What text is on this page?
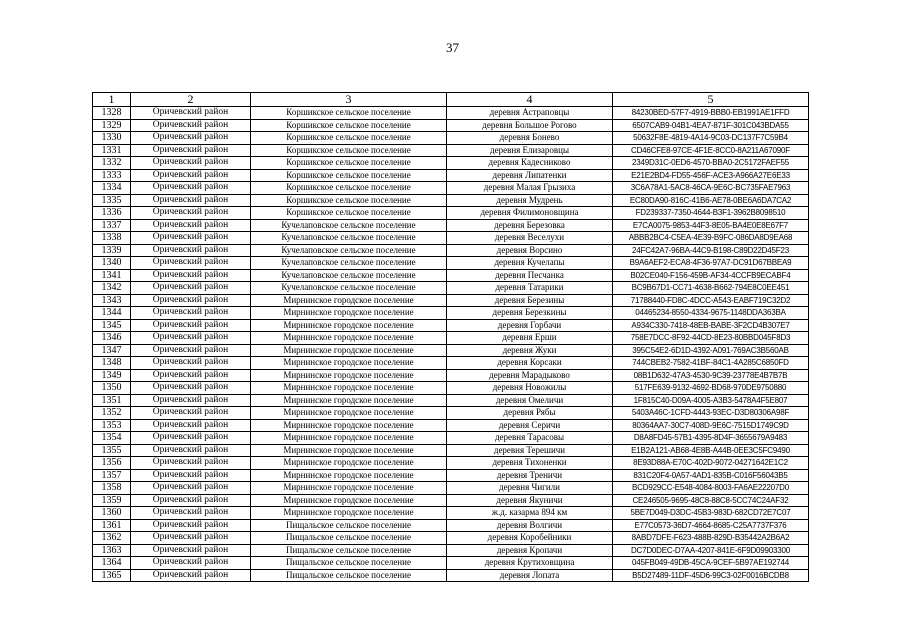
37
1	2	3	4	5
1328	Оричевский район	Коршикское сельское поселение	деревня Астраповцы	84230BED-57F7-4919-BBB0-EB1991AE1FFD
1329	Оричевский район	Коршикское сельское поселение	деревня Большое Рогово	6507CAB9-04B1-4EA7-871F-301C043BDA55
1330	Оричевский район	Коршикское сельское поселение	деревня Бонево	50632F8E-4819-4A14-9C03-DC137F7C59B4
1331	Оричевский район	Коршикское сельское поселение	деревня Елизаровцы	CD46CFE8-97CE-4F1E-8CC0-8A211A67090F
1332	Оричевский район	Коршикское сельское поселение	деревня Кадесниково	2349D31C-0ED6-4570-BBA0-2C5172FAEF55
1333	Оричевский район	Коршикское сельское поселение	деревня Липатенки	E21E2BD4-FD55-456F-ACE3-A966A27E6E33
1334	Оричевский район	Коршикское сельское поселение	деревня Малая Грызиха	3C6A78A1-5AC8-46CA-9E6C-BC735FAE7963
1335	Оричевский район	Коршикское сельское поселение	деревня Мудрень	EC80DA90-816C-41B6-AE78-0BE6A6DA7CA2
1336	Оричевский район	Коршикское сельское поселение	деревня Филимоновщина	FD239337-7350-4644-B3F1-3962B8098510
1337	Оричевский район	Кучелаповское сельское поселение	деревня Березовка	E7CA0075-9853-44F3-8E05-BA4E0E8E67F7
1338	Оричевский район	Кучелаповское сельское поселение	деревня Веселухи	ABBB2BC4-C5EA-4E39-B9FC-086DA8D9EA68
1339	Оричевский район	Кучелаповское сельское поселение	деревня Ворсино	24FC42A7-96BA-44C9-B198-C89D22D45F23
1340	Оричевский район	Кучелаповское сельское поселение	деревня Кучелапы	B9A6AEF2-ECA8-4F36-97A7-DC91D67BBEA9
1341	Оричевский район	Кучелаповское сельское поселение	деревня Песчанка	B02CE040-F156-459B-AF34-4CCFB9ECABF4
1342	Оричевский район	Кучелаповское сельское поселение	деревня Татарики	BC9B67D1-CC71-4638-B662-794E8C0EE451
1343	Оричевский район	Мирнинское городское поселение	деревня Березины	71788440-FD8C-4DCC-A543-EABF719C32D2
1344	Оричевский район	Мирнинское городское поселение	деревня Березкины	04465234-8550-4334-9675-1148DDA363BA
1345	Оричевский район	Мирнинское городское поселение	деревня Горбачи	A934C330-7418-48EB-BABE-3F2CD4B307E7
1346	Оричевский район	Мирнинское городское поселение	деревня Ерши	758E7DCC-8F92-44CD-8E23-80BBD045F8D3
1347	Оричевский район	Мирнинское городское поселение	деревня Жуки	395C54E2-6D1D-4392-A091-769AC3B560AB
1348	Оричевский район	Мирнинское городское поселение	деревня Корсаки	744CBEB2-7582-41BF-84C1-4A285C6850FD
1349	Оричевский район	Мирнинское городское поселение	деревня Марадыково	08B1D632-47A3-4530-9C39-23778E4B7B7B
1350	Оричевский район	Мирнинское городское поселение	деревня Новожилы	517FE639-9132-4692-BD68-970DE9750880
1351	Оричевский район	Мирнинское городское поселение	деревня Омеличи	1F815C40-D09A-4005-A3B3-5478A4F5E807
1352	Оричевский район	Мирнинское городское поселение	деревня Рябы	5403A46C-1CFD-4443-93EC-D3D80306A98F
1353	Оричевский район	Мирнинское городское поселение	деревня Серичи	80364AA7-30C7-408D-9E6C-7515D1749C9D
1354	Оричевский район	Мирнинское городское поселение	деревня Тарасовы	D8A8FD45-57B1-4395-8D4F-3655679A9483
1355	Оричевский район	Мирнинское городское поселение	деревня Терешичи	E1B2A121-AB68-4E8B-A44B-0EE3C5FC9490
1356	Оричевский район	Мирнинское городское поселение	деревня Тихоненки	8E93D88A-E70C-402D-9072-04271642E1C2
1357	Оричевский район	Мирнинское городское поселение	деревня Треничи	831C20F4-0A57-4AD1-835B-C016F56043B5
1358	Оричевский район	Мирнинское городское поселение	деревня Чигили	BCD929CC-E548-4084-8003-FA6AE22207D0
1359	Оричевский район	Мирнинское городское поселение	деревня Якуничи	CE246505-9695-48C8-88C8-5CC74C24AF32
1360	Оричевский район	Мирнинское городское поселение	ж.д. казарма 894 км	5BE7D049-D3DC-45B3-983D-682CD72E7C07
1361	Оричевский район	Пищальское сельское поселение	деревня Волгичи	E77C0573-36D7-4664-8685-C25A7737F376
1362	Оричевский район	Пищальское сельское поселение	деревня Коробейники	8ABD7DFE-F623-488B-829D-B35442A2B6A2
1363	Оричевский район	Пищальское сельское поселение	деревня Кропачи	DC7D0DEC-D7AA-4207-841E-6F9D09903300
1364	Оричевский район	Пищальское сельское поселение	деревня Крутиховщина	045FB049-49DB-45CA-9CEF-5B97AE192744
1365	Оричевский район	Пищальское сельское поселение	деревня Лопата	B5D27489-11DF-45D6-99C3-02F0016BCDB8
